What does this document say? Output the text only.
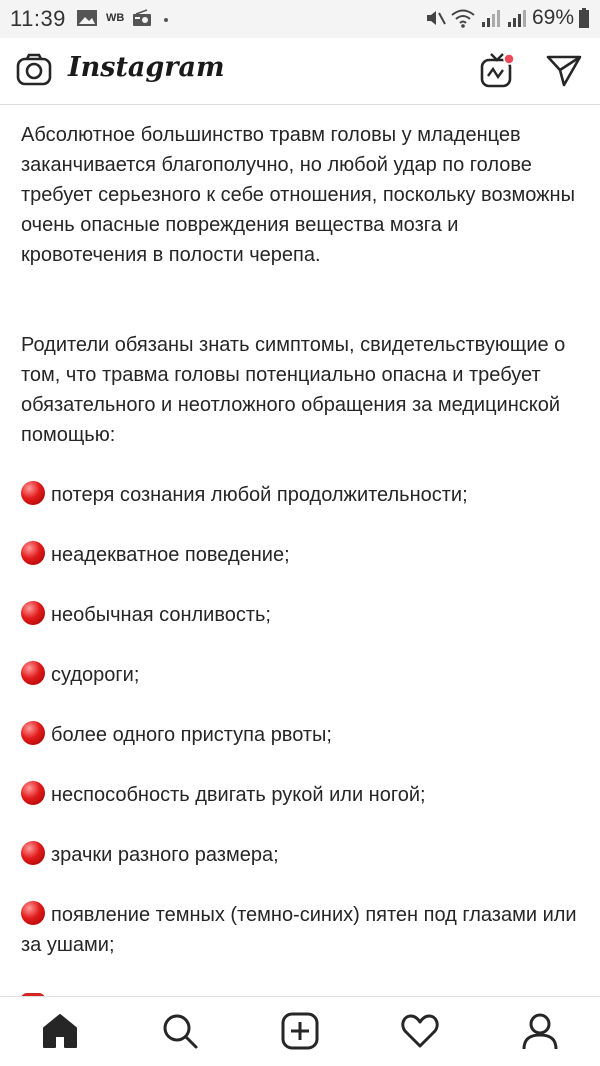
11:39	WB	69%
Instagram

Абсолютное большинство травм головы у младенцев заканчивается благополучно, но любой удар по голове требует серьезного к себе отношения, поскольку возможны очень опасные повреждения вещества мозга и кровотечения в полости черепа.

Родители обязаны знать симптомы, свидетельствующие о том, что травма головы потенциально опасна и требует обязательного и неотложного обращения за медицинской помощью:

потеря сознания любой продолжительности;

неадекватное поведение;

необычная сонливость;

судороги;

более одного приступа рвоты;

неспособность двигать рукой или ногой;

зрачки разного размера;

появление темных (темно-синих) пятен под глазами или за ушами;
